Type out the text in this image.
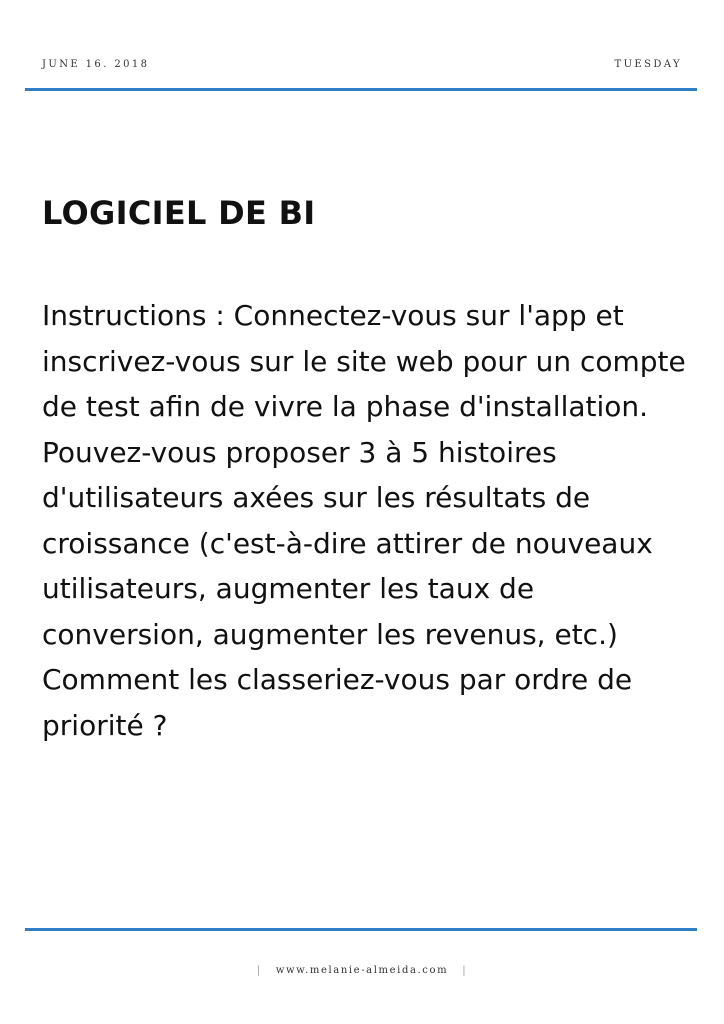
JUNE 16. 2018	TUESDAY
LOGICIEL DE BI

Instructions : Connectez-vous sur l'app et inscrivez-vous sur le site web pour un compte de test afin de vivre la phase d'installation.

Pouvez-vous proposer 3 à 5 histoires d'utilisateurs axées sur les résultats de croissance (c'est-à-dire attirer de nouveaux utilisateurs, augmenter les taux de conversion, augmenter les revenus, etc.)

Comment les classeriez-vous par ordre de priorité ?

| www.melanie-almeida.com |
